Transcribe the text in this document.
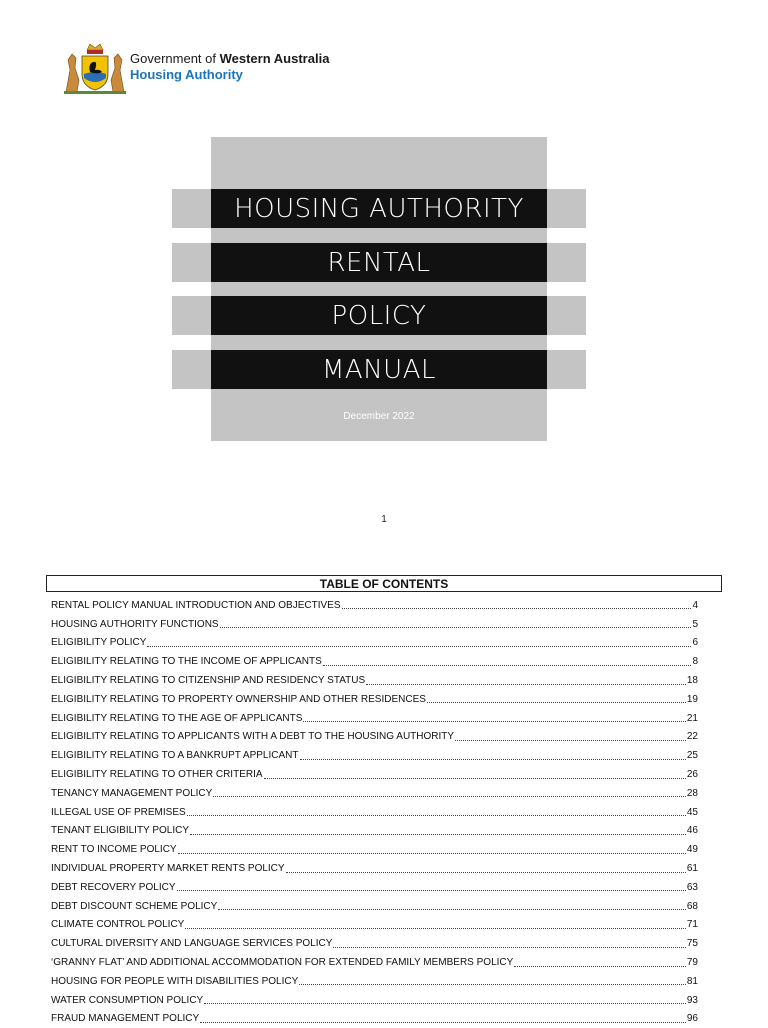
Government of Western Australia
Housing Authority
HOUSING AUTHORITY
RENTAL
POLICY
MANUAL
December 2022
1
TABLE OF CONTENTS
RENTAL POLICY MANUAL INTRODUCTION AND OBJECTIVES	4
HOUSING AUTHORITY FUNCTIONS	5
ELIGIBILITY POLICY	6
ELIGIBILITY RELATING TO THE INCOME OF APPLICANTS	8
ELIGIBILITY RELATING TO CITIZENSHIP AND RESIDENCY STATUS	18
ELIGIBILITY RELATING TO PROPERTY OWNERSHIP AND OTHER RESIDENCES	19
ELIGIBILITY RELATING TO THE AGE OF APPLICANTS	21
ELIGIBILITY RELATING TO APPLICANTS WITH A DEBT TO THE HOUSING AUTHORITY	22
ELIGIBILITY RELATING TO A BANKRUPT APPLICANT	25
ELIGIBILITY RELATING TO OTHER CRITERIA	26
TENANCY MANAGEMENT POLICY	28
ILLEGAL USE OF PREMISES	45
TENANT ELIGIBILITY POLICY	46
RENT TO INCOME POLICY	49
INDIVIDUAL PROPERTY MARKET RENTS POLICY	61
DEBT RECOVERY POLICY	63
DEBT DISCOUNT SCHEME POLICY	68
CLIMATE CONTROL POLICY	71
CULTURAL DIVERSITY AND LANGUAGE SERVICES POLICY	75
‘GRANNY FLAT’ AND ADDITIONAL ACCOMMODATION FOR EXTENDED FAMILY MEMBERS POLICY	79
HOUSING FOR PEOPLE WITH DISABILITIES POLICY	81
WATER CONSUMPTION POLICY	93
FRAUD MANAGEMENT POLICY	96
